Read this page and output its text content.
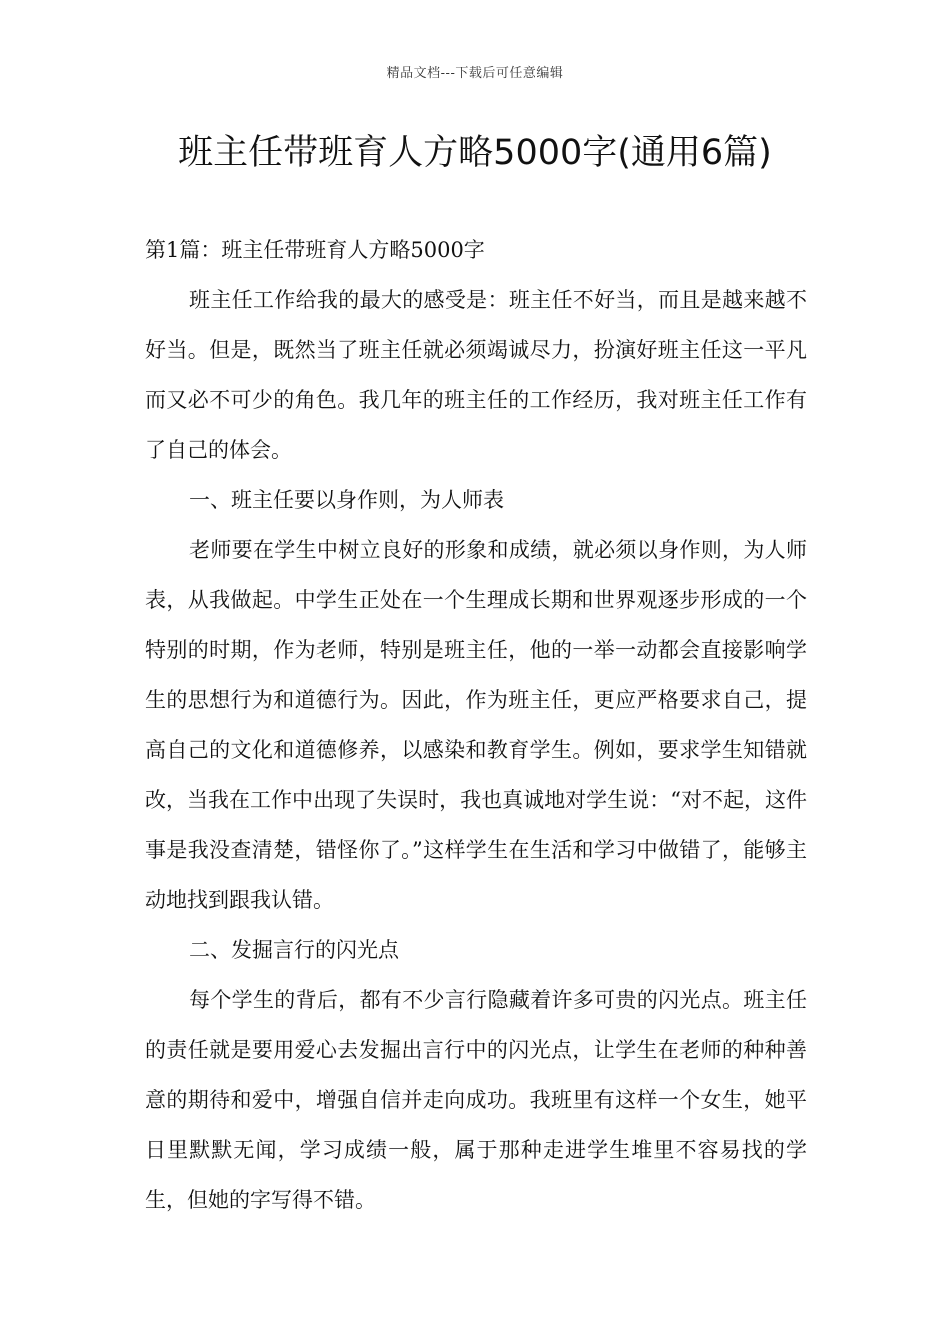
精品文档---下载后可任意编辑
班主任带班育人方略5000字(通用6篇)

第1篇：班主任带班育人方略5000字

班主任工作给我的最大的感受是：班主任不好当，而且是越来越不好当。但是，既然当了班主任就必须竭诚尽力，扮演好班主任这一平凡而又必不可少的角色。我几年的班主任的工作经历，我对班主任工作有了自己的体会。

一、班主任要以身作则，为人师表

老师要在学生中树立良好的形象和成绩，就必须以身作则，为人师表，从我做起。中学生正处在一个生理成长期和世界观逐步形成的一个特别的时期，作为老师，特别是班主任，他的一举一动都会直接影响学生的思想行为和道德行为。因此，作为班主任，更应严格要求自己，提高自己的文化和道德修养，以感染和教育学生。例如，要求学生知错就改，当我在工作中出现了失误时，我也真诚地对学生说：“对不起，这件事是我没查清楚，错怪你了。”这样学生在生活和学习中做错了，能够主动地找到跟我认错。

二、发掘言行的闪光点

每个学生的背后，都有不少言行隐藏着许多可贵的闪光点。班主任的责任就是要用爱心去发掘出言行中的闪光点，让学生在老师的种种善意的期待和爱中，增强自信并走向成功。我班里有这样一个女生，她平日里默默无闻，学习成绩一般，属于那种走进学生堆里不容易找的学生，但她的字写得不错。
